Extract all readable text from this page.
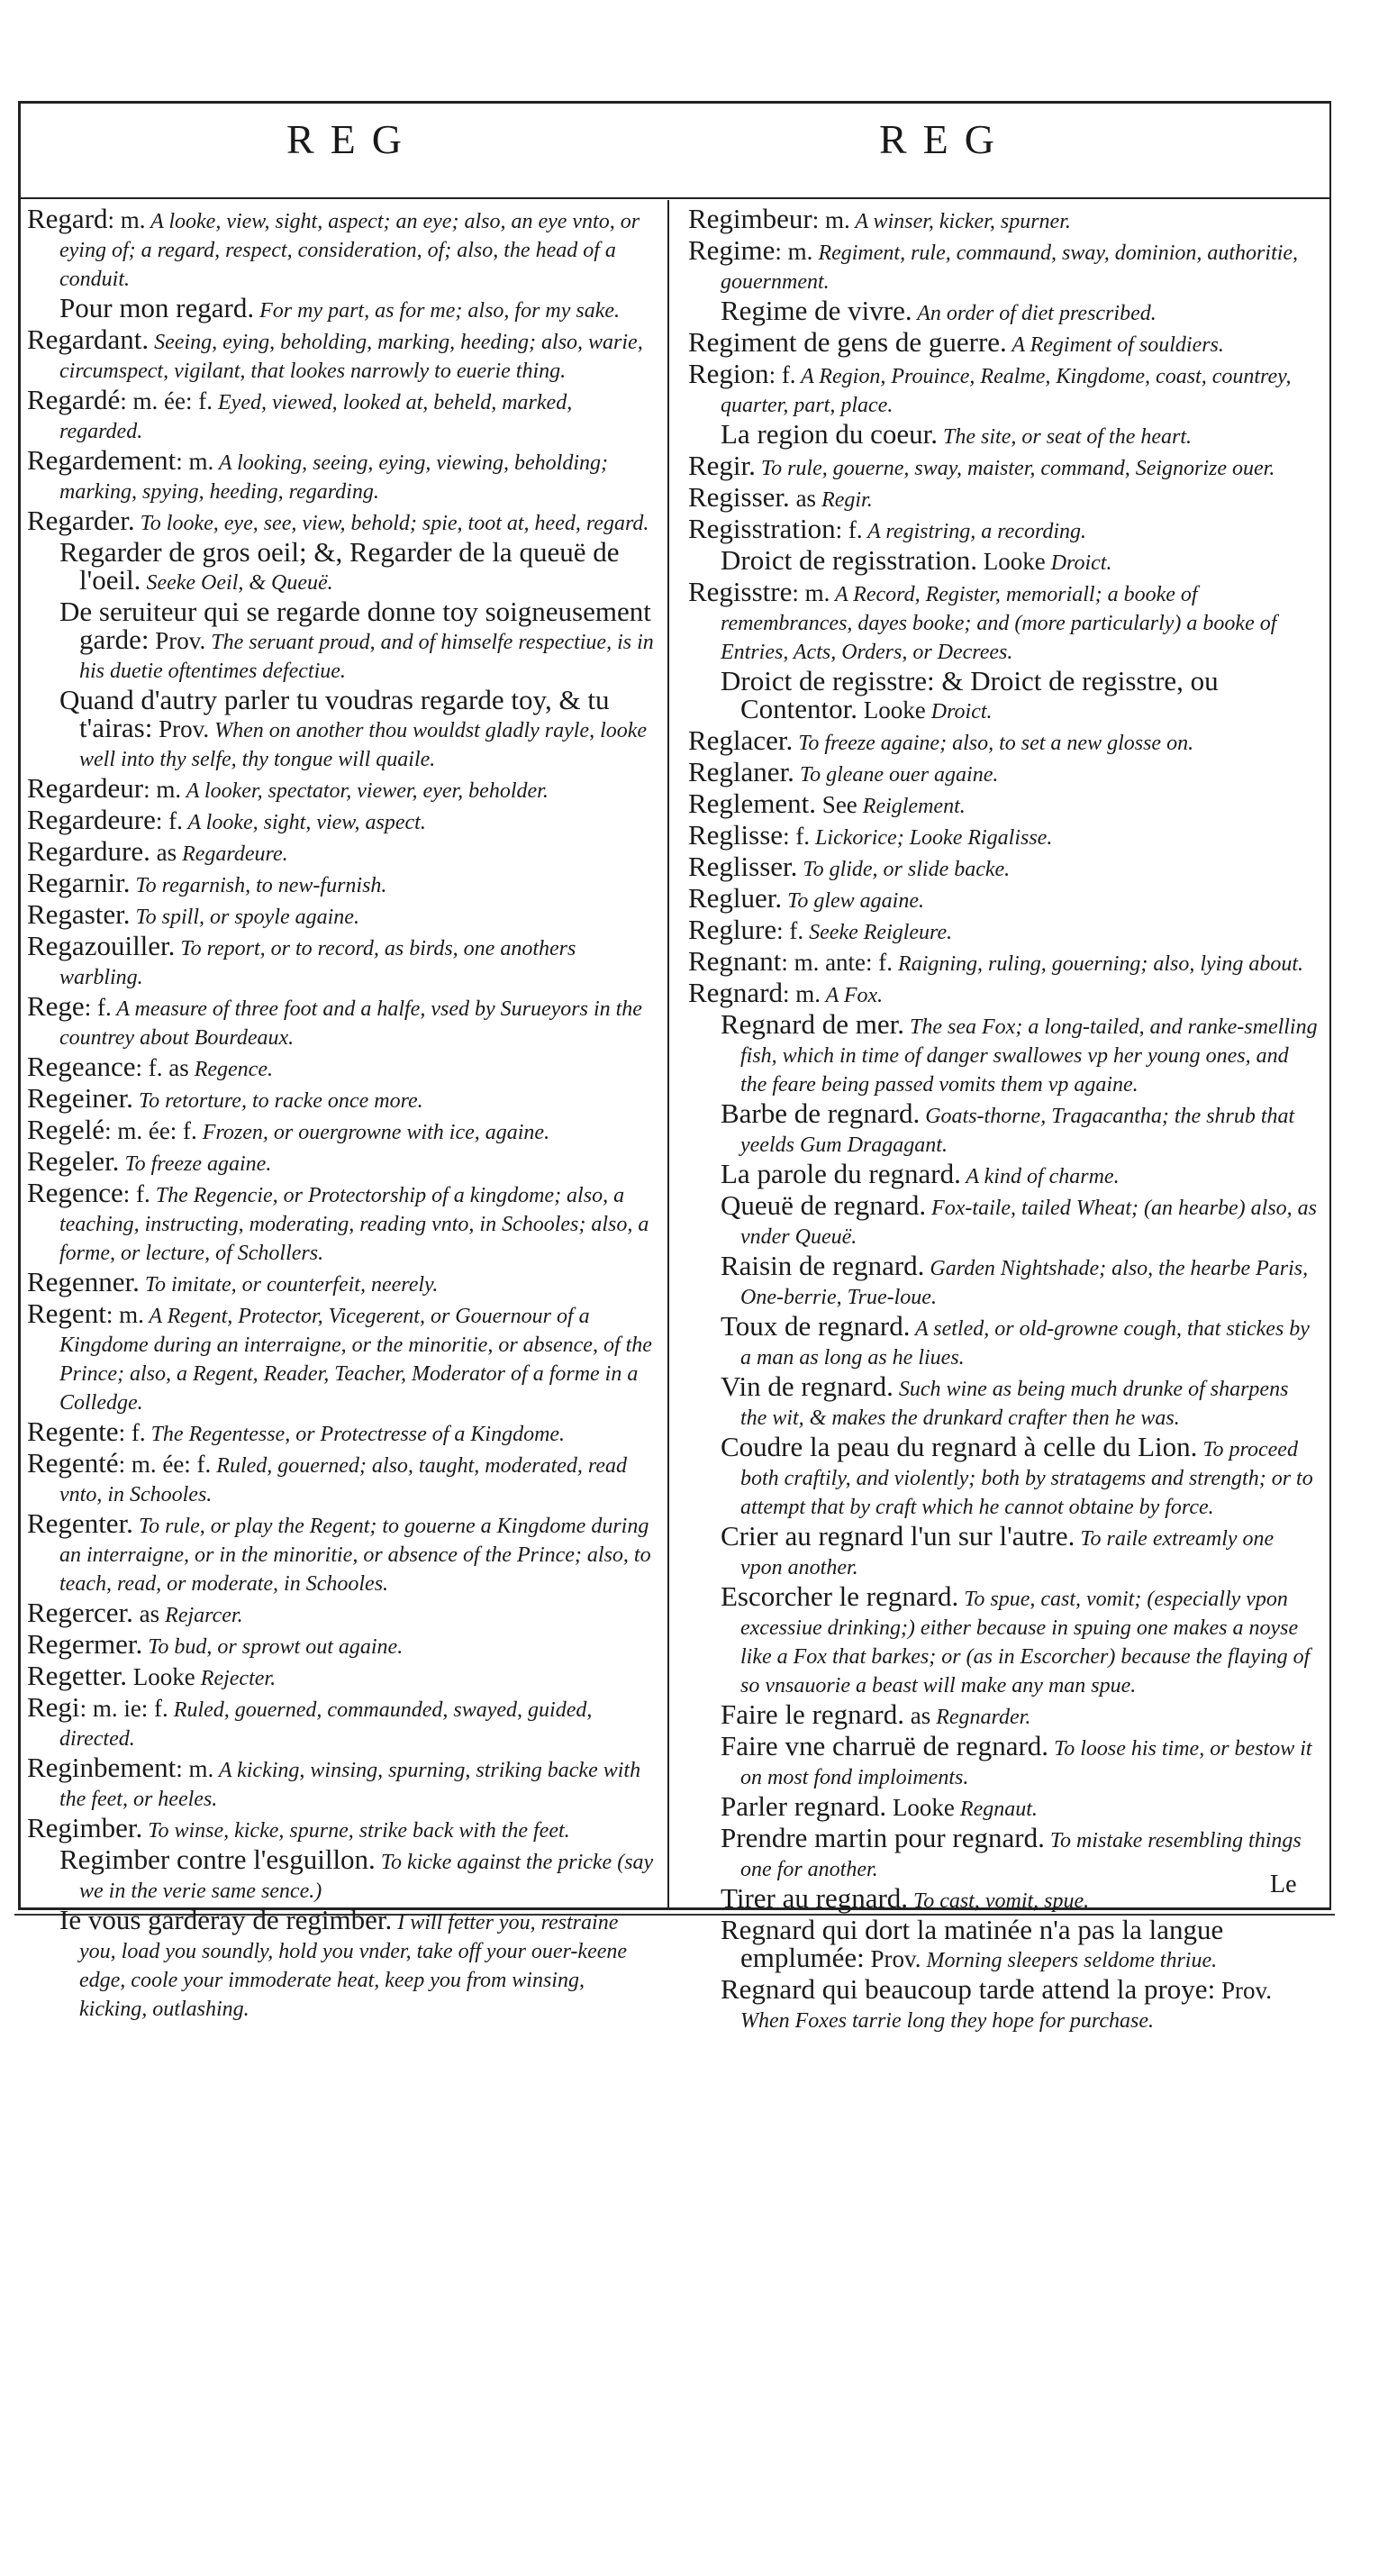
REG	REG
Regard: m. A looke, view, sight, aspect; an eye; also, an eye vnto, or eying of; a regard, respect, consideration, of; also, the head of a conduit.
Pour mon regard. For my part, as for me; also, for my sake.
Regardant. Seeing, eying, beholding, marking, heeding; also, warie, circumspect, vigilant, that lookes narrowly to euerie thing.
Regardé: m. ée: f. Eyed, viewed, looked at, beheld, marked, regarded.
Regardement: m. A looking, seeing, eying, viewing, beholding; marking, spying, heeding, regarding.
Regarder. To looke, eye, see, view, behold; spie, toot at, heed, regard.
Regarder de gros oeil; &, Regarder de la queuë de l'oeil. Seeke Oeil, & Queuë.
De seruiteur qui se regarde donne toy soigneusement garde: Prov. The seruant proud, and of himselfe respectiue, is in his duetie oftentimes defectiue.
Quand d'autry parler tu voudras regarde toy, & tu t'airas: Prov. When on another thou wouldst gladly rayle, looke well into thy selfe, thy tongue will quaile.
Regardeur: m. A looker, spectator, viewer, eyer, beholder.
Regardeure: f. A looke, sight, view, aspect.
Regardure. as Regardeure.
Regarnir. To regarnish, to new-furnish.
Regaster. To spill, or spoyle againe.
Regazouiller. To report, or to record, as birds, one anothers warbling.
Rege: f. A measure of three foot and a halfe, vsed by Surueyors in the countrey about Bourdeaux.
Regeance: f. as Regence.
Regeiner. To retorture, to racke once more.
Regelé: m. ée: f. Frozen, or ouergrowne with ice, againe.
Regeler. To freeze againe.
Regence: f. The Regencie, or Protectorship of a kingdome; also, a teaching, instructing, moderating, reading vnto, in Schooles; also, a forme, or lecture, of Schollers.
Regenner. To imitate, or counterfeit, neerely.
Regent: m. A Regent, Protector, Vicegerent, or Gouernour of a Kingdome during an interraigne, or the minoritie, or absence, of the Prince; also, a Regent, Reader, Teacher, Moderator of a forme in a Colledge.
Regente: f. The Regentesse, or Protectresse of a Kingdome.
Regenté: m. ée: f. Ruled, gouerned; also, taught, moderated, read vnto, in Schooles.
Regenter. To rule, or play the Regent; to gouerne a Kingdome during an interraigne, or in the minoritie, or absence of the Prince; also, to teach, read, or moderate, in Schooles.
Regercer. as Rejarcer.
Regermer. To bud, or sprowt out againe.
Regetter. Looke Rejecter.
Regi: m. ie: f. Ruled, gouerned, commaunded, swayed, guided, directed.
Reginbement: m. A kicking, winsing, spurning, striking backe with the feet, or heeles.
Regimber. To winse, kicke, spurne, strike back with the feet.
Regimber contre l'esguillon. To kicke against the pricke (say we in the verie same sence.)
Ie vous garderay de regimber. I will fetter you, restraine you, load you soundly, hold you vnder, take off your ouer-keene edge, coole your immoderate heat, keep you from winsing, kicking, outlashing.
Regimbeur: m. A winser, kicker, spurner.
Regime: m. Regiment, rule, commaund, sway, dominion, authoritie, gouernment.
Regime de vivre. An order of diet prescribed.
Regiment de gens de guerre. A Regiment of souldiers.
Region: f. A Region, Prouince, Realme, Kingdome, coast, countrey, quarter, part, place.
La region du coeur. The site, or seat of the heart.
Regir. To rule, gouerne, sway, maister, command, Seignorize ouer.
Regisser. as Regir.
Regisstration: f. A registring, a recording.
Droict de regisstration. Looke Droict.
Regisstre: m. A Record, Register, memoriall; a booke of remembrances, dayes booke; and (more particularly) a booke of Entries, Acts, Orders, or Decrees.
Droict de regisstre: & Droict de regisstre, ou Contentor. Looke Droict.
Reglacer. To freeze againe; also, to set a new glosse on.
Reglaner. To gleane ouer againe.
Reglement. See Reiglement.
Reglisse: f. Lickorice; Looke Rigalisse.
Reglisser. To glide, or slide backe.
Regluer. To glew againe.
Reglure: f. Seeke Reigleure.
Regnant: m. ante: f. Raigning, ruling, gouerning; also, lying about.
Regnard: m. A Fox.
Regnard de mer. The sea Fox; a long-tailed, and ranke-smelling fish, which in time of danger swallowes vp her young ones, and the feare being passed vomits them vp againe.
Barbe de regnard. Goats-thorne, Tragacantha; the shrub that yeelds Gum Dragagant.
La parole du regnard. A kind of charme.
Queuë de regnard. Fox-taile, tailed Wheat; (an hearbe) also, as vnder Queuë.
Raisin de regnard. Garden Nightshade; also, the hearbe Paris, One-berrie, True-loue.
Toux de regnard. A setled, or old-growne cough, that stickes by a man as long as he liues.
Vin de regnard. Such wine as being much drunke of sharpens the wit, & makes the drunkard crafter then he was.
Coudre la peau du regnard à celle du Lion. To proceed both craftily, and violently; both by stratagems and strength; or to attempt that by craft which he cannot obtaine by force.
Crier au regnard l'un sur l'autre. To raile extreamly one vpon another.
Escorcher le regnard. To spue, cast, vomit; (especially vpon excessiue drinking;) either because in spuing one makes a noyse like a Fox that barkes; or (as in Escorcher) because the flaying of so vnsauorie a beast will make any man spue.
Faire le regnard. as Regnarder.
Faire vne charruë de regnard. To loose his time, or bestow it on most fond imploiments.
Parler regnard. Looke Regnaut.
Prendre martin pour regnard. To mistake resembling things one for another.
Tirer au regnard. To cast, vomit, spue.
Regnard qui dort la matinée n'a pas la langue emplumée: Prov. Morning sleepers seldome thriue.
Regnard qui beaucoup tarde attend la proye: Prov. When Foxes tarrie long they hope for purchase.
Le
